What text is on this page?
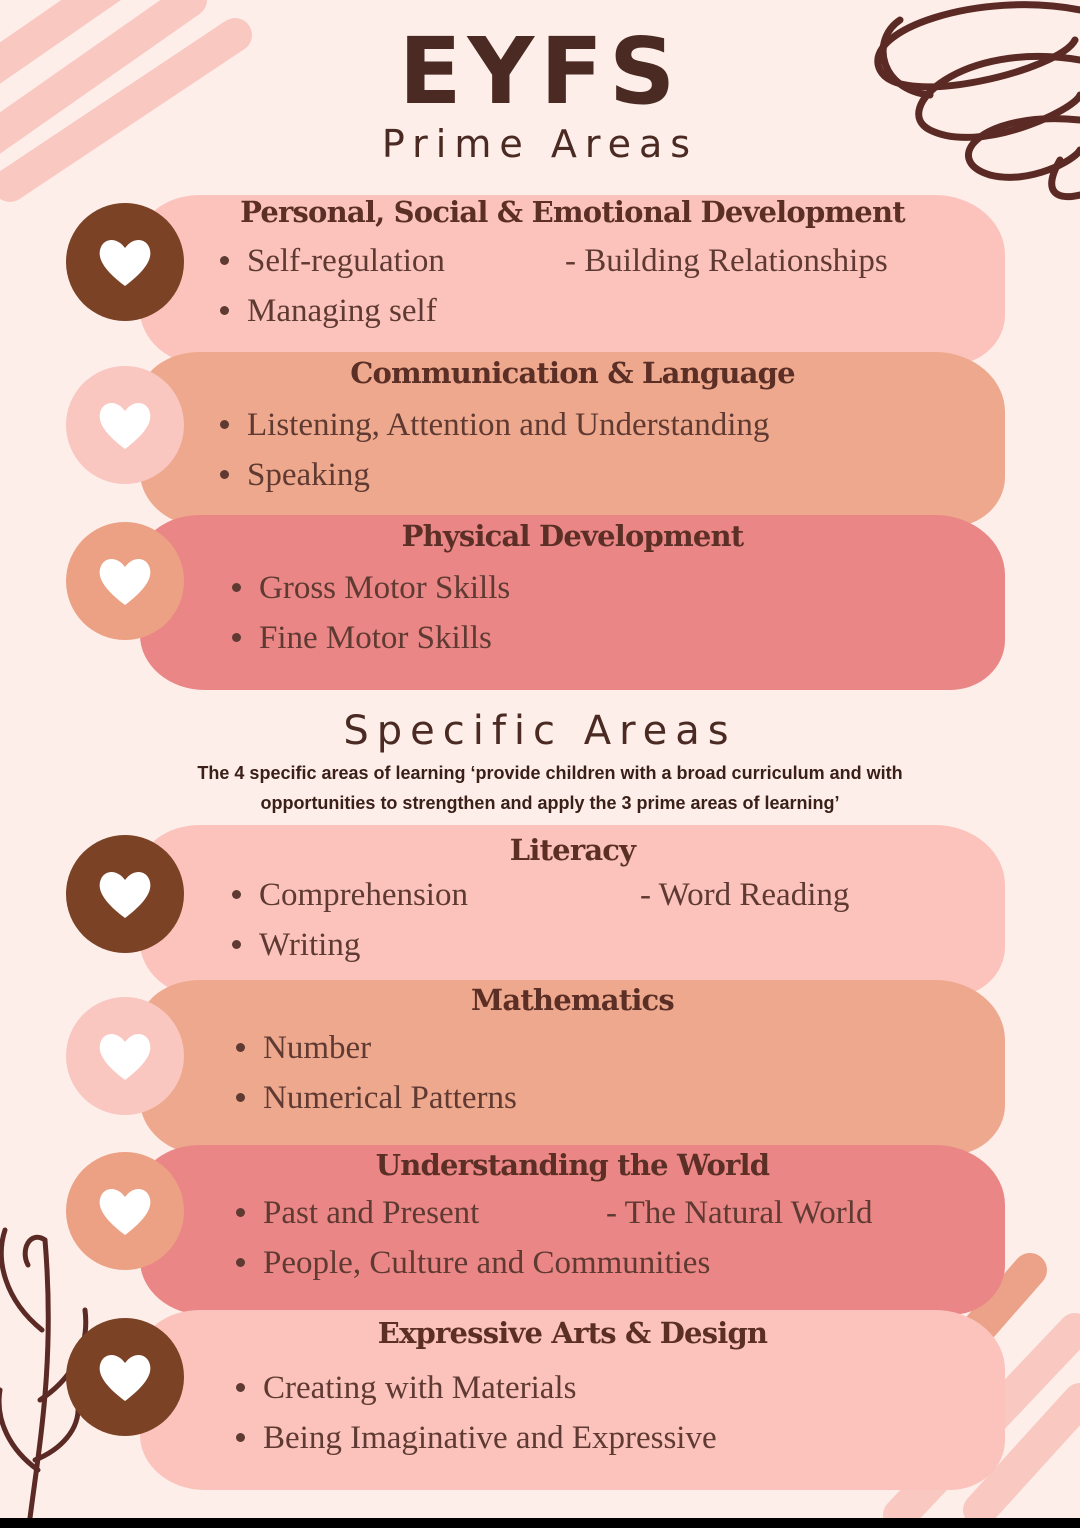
EYFS
Prime Areas
Personal, Social & Emotional Development
Self-regulation	- Building Relationships
Managing self
Communication & Language
Listening, Attention and Understanding
Speaking
Physical Development
Gross Motor Skills
Fine Motor Skills
Specific Areas
The 4 specific areas of learning ‘provide children with a broad curriculum and with opportunities to strengthen and apply the 3 prime areas of learning’
Literacy
Comprehension	- Word Reading
Writing
Mathematics
Number
Numerical Patterns
Understanding the World
Past and Present	- The Natural World
People, Culture and Communities
Expressive Arts & Design
Creating with Materials
Being Imaginative and Expressive
